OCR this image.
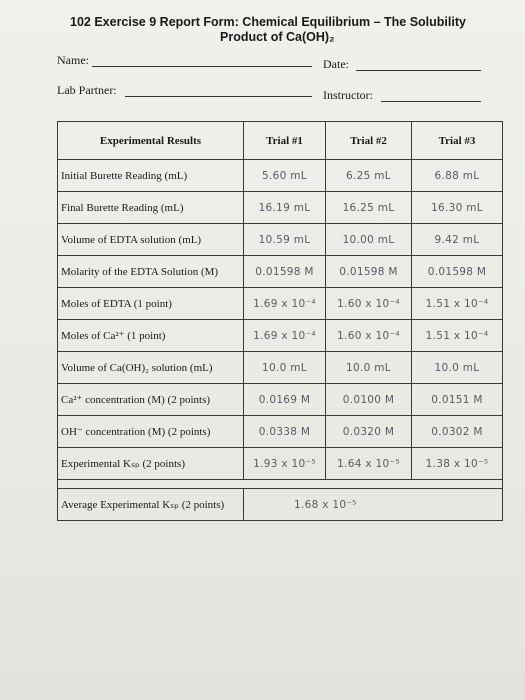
102 Exercise 9 Report Form: Chemical Equilibrium – The Solubility
Product of Ca(OH)₂
Name:	Date:
Lab Partner:	Instructor:
Experimental Results	Trial #1	Trial #2	Trial #3
Initial Burette Reading (mL)	5.60 mL	6.25 mL	6.88 mL
Final Burette Reading (mL)	16.19 mL	16.25 mL	16.30 mL
Volume of EDTA solution (mL)	10.59 mL	10.00 mL	9.42 mL
Molarity of the EDTA Solution (M)	0.01598 M	0.01598 M	0.01598 M
Moles of EDTA (1 point)	1.69 x 10⁻⁴	1.60 x 10⁻⁴	1.51 x 10⁻⁴
Moles of Ca²⁺ (1 point)	1.69 x 10⁻⁴	1.60 x 10⁻⁴	1.51 x 10⁻⁴
Volume of Ca(OH)₂ solution (mL)	10.0 mL	10.0 mL	10.0 mL
Ca²⁺ concentration (M) (2 points)	0.0169 M	0.0100 M	0.0151 M
OH⁻ concentration (M) (2 points)	0.0338 M	0.0320 M	0.0302 M
Experimental Kₛₚ (2 points)	1.93 x 10⁻⁵	1.64 x 10⁻⁵	1.38 x 10⁻⁵

Average Experimental Kₛₚ (2 points)	1.68 x 10⁻⁵		
